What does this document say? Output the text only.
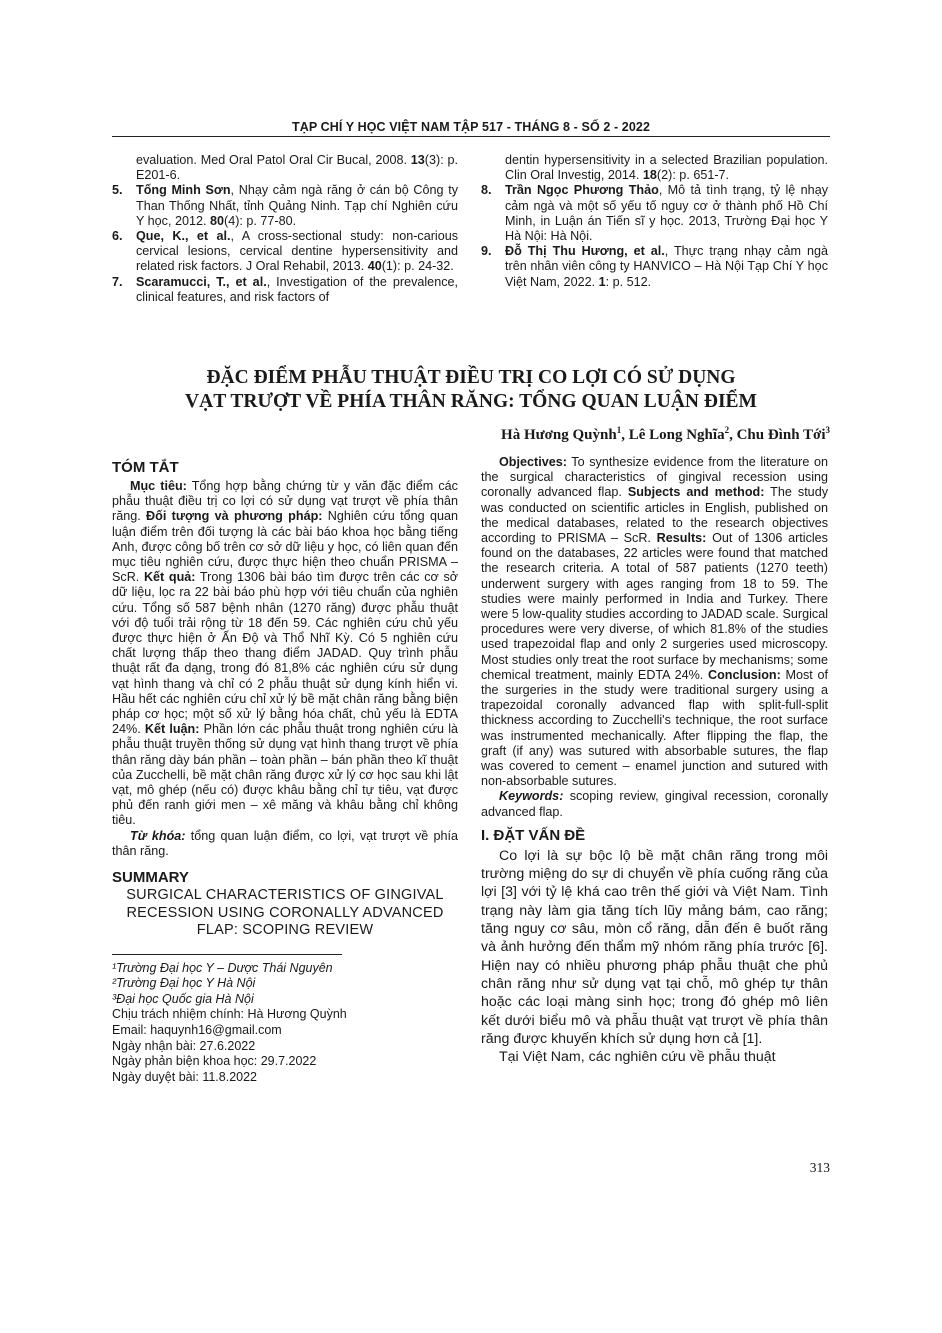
TẠP CHÍ Y HỌC VIỆT NAM TẬP 517 - THÁNG 8 - SỐ 2 - 2022
evaluation. Med Oral Patol Oral Cir Bucal, 2008. 13(3): p. E201-6.
5. Tống Minh Sơn, Nhạy cảm ngà răng ở cán bộ Công ty Than Thống Nhất, tỉnh Quảng Ninh. Tạp chí Nghiên cứu Y học, 2012. 80(4): p. 77-80.
6. Que, K., et al., A cross-sectional study: non-carious cervical lesions, cervical dentine hypersensitivity and related risk factors. J Oral Rehabil, 2013. 40(1): p. 24-32.
7. Scaramucci, T., et al., Investigation of the prevalence, clinical features, and risk factors of
dentin hypersensitivity in a selected Brazilian population. Clin Oral Investig, 2014. 18(2): p. 651-7.
8. Trần Ngọc Phương Thảo, Mô tả tình trạng, tỷ lệ nhạy cảm ngà và một số yếu tố nguy cơ ở thành phố Hồ Chí Minh, in Luận án Tiến sĩ y học. 2013, Trường Đại học Y Hà Nội: Hà Nội.
9. Đỗ Thị Thu Hương, et al., Thực trạng nhạy cảm ngà trên nhân viên công ty HANVICO – Hà Nội Tạp Chí Y học Việt Nam, 2022. 1: p. 512.
ĐẶC ĐIỂM PHẪU THUẬT ĐIỀU TRỊ CO LỢI CÓ SỬ DỤNG
VẠT TRƯỢT VỀ PHÍA THÂN RĂNG: TỔNG QUAN LUẬN ĐIỂM
Hà Hương Quỳnh$^1$, Lê Long Nghĩa$^2$, Chu Đình Tới$^3$
TÓM TẮT
Mục tiêu: Tổng hợp bằng chứng từ y văn đặc điểm các phẫu thuật điều trị co lợi có sử dụng vạt trượt về phía thân răng. Đối tượng và phương pháp: Nghiên cứu tổng quan luận điểm trên đối tượng là các bài báo khoa học bằng tiếng Anh, được công bố trên cơ sở dữ liệu y học, có liên quan đến mục tiêu nghiên cứu, được thực hiện theo chuẩn PRISMA – ScR. Kết quả: Trong 1306 bài báo tìm được trên các cơ sở dữ liệu, lọc ra 22 bài báo phù hợp với tiêu chuẩn của nghiên cứu. Tổng số 587 bệnh nhân (1270 răng) được phẫu thuật với độ tuổi trải rộng từ 18 đến 59. Các nghiên cứu chủ yếu được thực hiện ở Ấn Độ và Thổ Nhĩ Kỳ. Có 5 nghiên cứu chất lượng thấp theo thang điểm JADAD. Quy trình phẫu thuật rất đa dạng, trong đó 81,8% các nghiên cứu sử dụng vạt hình thang và chỉ có 2 phẫu thuật sử dụng kính hiển vi. Hầu hết các nghiên cứu chỉ xử lý bề mặt chân răng bằng biện pháp cơ học; một số xử lý bằng hóa chất, chủ yếu là EDTA 24%. Kết luận: Phần lớn các phẫu thuật trong nghiên cứu là phẫu thuật truyền thống sử dụng vạt hình thang trượt về phía thân răng dày bán phần – toàn phần – bán phần theo kĩ thuật của Zucchelli, bề mặt chân răng được xử lý cơ học sau khi lật vạt, mô ghép (nếu có) được khâu bằng chỉ tự tiêu, vạt được phủ đến ranh giới men – xê măng và khâu bằng chỉ không tiêu.
Từ khóa: tổng quan luận điểm, co lợi, vạt trượt về phía thân răng.
SUMMARY
SURGICAL CHARACTERISTICS OF GINGIVAL RECESSION USING CORONALLY ADVANCED FLAP: SCOPING REVIEW
¹Trường Đại học Y – Dược Thái Nguyên
²Trường Đại học Y Hà Nội
³Đại học Quốc gia Hà Nội
Chịu trách nhiệm chính: Hà Hương Quỳnh
Email: haquynh16@gmail.com
Ngày nhận bài: 27.6.2022
Ngày phản biện khoa học: 29.7.2022
Ngày duyệt bài: 11.8.2022
Objectives: To synthesize evidence from the literature on the surgical characteristics of gingival recession using coronally advanced flap. Subjects and method: The study was conducted on scientific articles in English, published on the medical databases, related to the research objectives according to PRISMA – ScR. Results: Out of 1306 articles found on the databases, 22 articles were found that matched the research criteria. A total of 587 patients (1270 teeth) underwent surgery with ages ranging from 18 to 59. The studies were mainly performed in India and Turkey. There were 5 low-quality studies according to JADAD scale. Surgical procedures were very diverse, of which 81.8% of the studies used trapezoidal flap and only 2 surgeries used microscopy. Most studies only treat the root surface by mechanisms; some chemical treatment, mainly EDTA 24%. Conclusion: Most of the surgeries in the study were traditional surgery using a trapezoidal coronally advanced flap with split-full-split thickness according to Zucchelli's technique, the root surface was instrumented mechanically. After flipping the flap, the graft (if any) was sutured with absorbable sutures, the flap was covered to cement – enamel junction and sutured with non-absorbable sutures.
Keywords: scoping review, gingival recession, coronally advanced flap.
I. ĐẶT VẤN ĐỀ
Co lợi là sự bộc lộ bề mặt chân răng trong môi trường miệng do sự di chuyển về phía cuống răng của lợi [3] với tỷ lệ khá cao trên thế giới và Việt Nam. Tình trạng này làm gia tăng tích lũy mảng bám, cao răng; tăng nguy cơ sâu, mòn cổ răng, dẫn đến ê buốt răng và ảnh hưởng đến thẩm mỹ nhóm răng phía trước [6]. Hiện nay có nhiều phương pháp phẫu thuật che phủ chân răng như sử dụng vạt tại chỗ, mô ghép tự thân hoặc các loại màng sinh học; trong đó ghép mô liên kết dưới biểu mô và phẫu thuật vạt trượt về phía thân răng được khuyến khích sử dụng hơn cả [1].
Tại Việt Nam, các nghiên cứu về phẫu thuật
313
